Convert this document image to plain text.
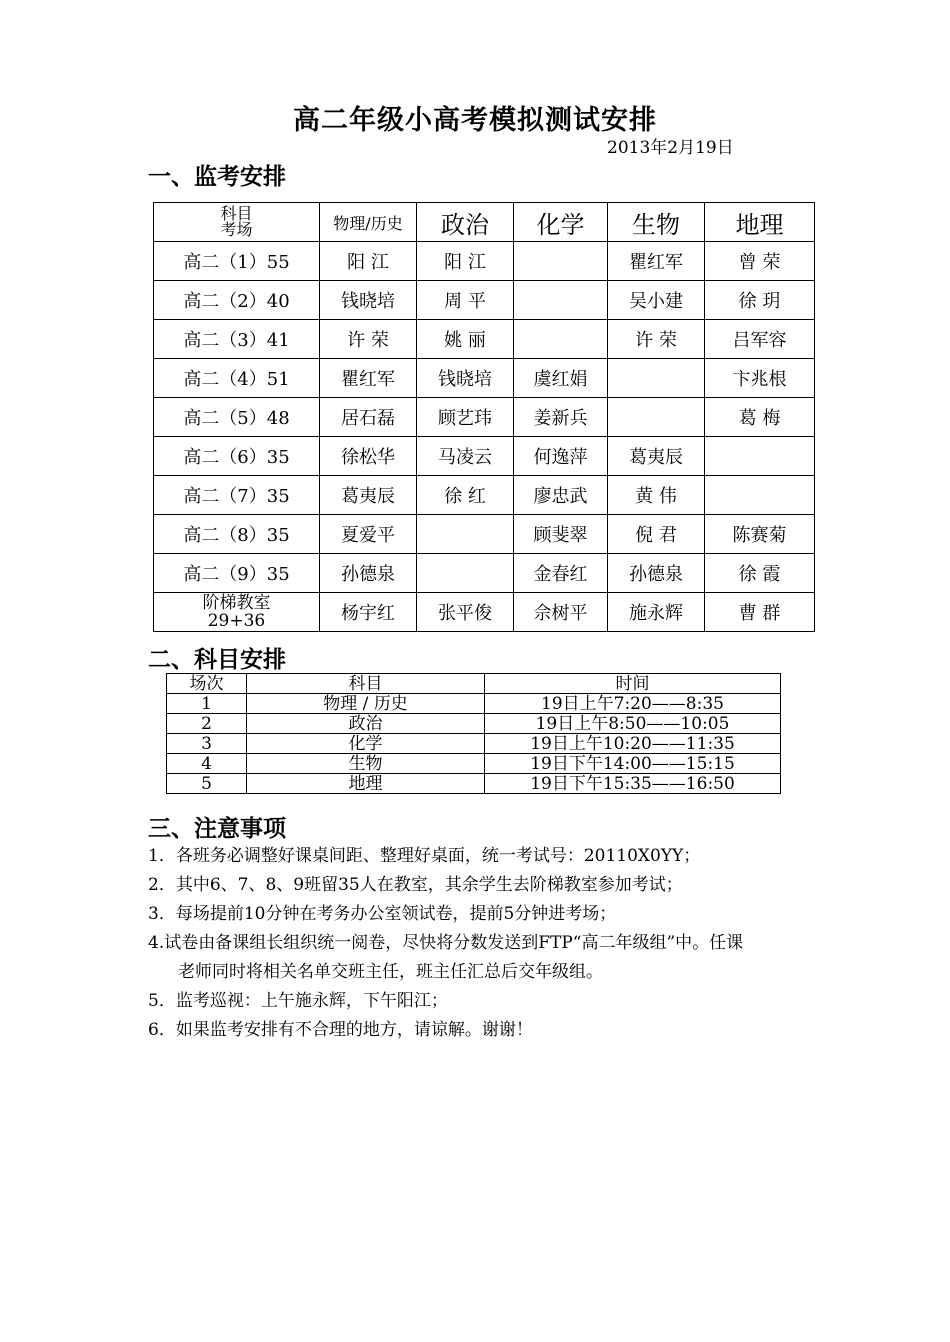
高二年级小高考模拟测试安排
2013年2月19日
一、监考安排
科目
考场	物理/历史	政治	化学	生物	地理
高二（1）55	阳 江	阳 江		瞿红军	曾 荣
高二（2）40	钱晓培	周 平		吴小建	徐 玥
高二（3）41	许 荣	姚 丽		许 荣	吕军容
高二（4）51	瞿红军	钱晓培	虞红娟		卞兆根
高二（5）48	居石磊	顾艺玮	姜新兵		葛 梅
高二（6）35	徐松华	马凌云	何逸萍	葛夷辰	
高二（7）35	葛夷辰	徐 红	廖忠武	黄 伟	
高二（8）35	夏爱平		顾斐翠	倪 君	陈赛菊
高二（9）35	孙德泉		金春红	孙德泉	徐 霞

阶梯教室
29+36	杨宇红	张平俊	佘树平	施永辉	曹 群
二、科目安排
场次	科目	时间
1	物理 / 历史	19日上午7:20——8:35
2	政治	19日上午8:50——10:05
3	化学	19日上午10:20——11:35
4	生物	19日下午14:00——15:15
5	地理	19日下午15:35——16:50
三、注意事项
1．各班务必调整好课桌间距、整理好桌面，统一考试号：20110X0YY；
2．其中6、7、8、9班留35人在教室，其余学生去阶梯教室参加考试；
3．每场提前10分钟在考务办公室领试卷，提前5分钟进考场；
4.试卷由备课组长组织统一阅卷，尽快将分数发送到FTP“高二年级组”中。任课
老师同时将相关名单交班主任，班主任汇总后交年级组。
5．监考巡视：上午施永辉，下午阳江；
6．如果监考安排有不合理的地方，请谅解。谢谢！
